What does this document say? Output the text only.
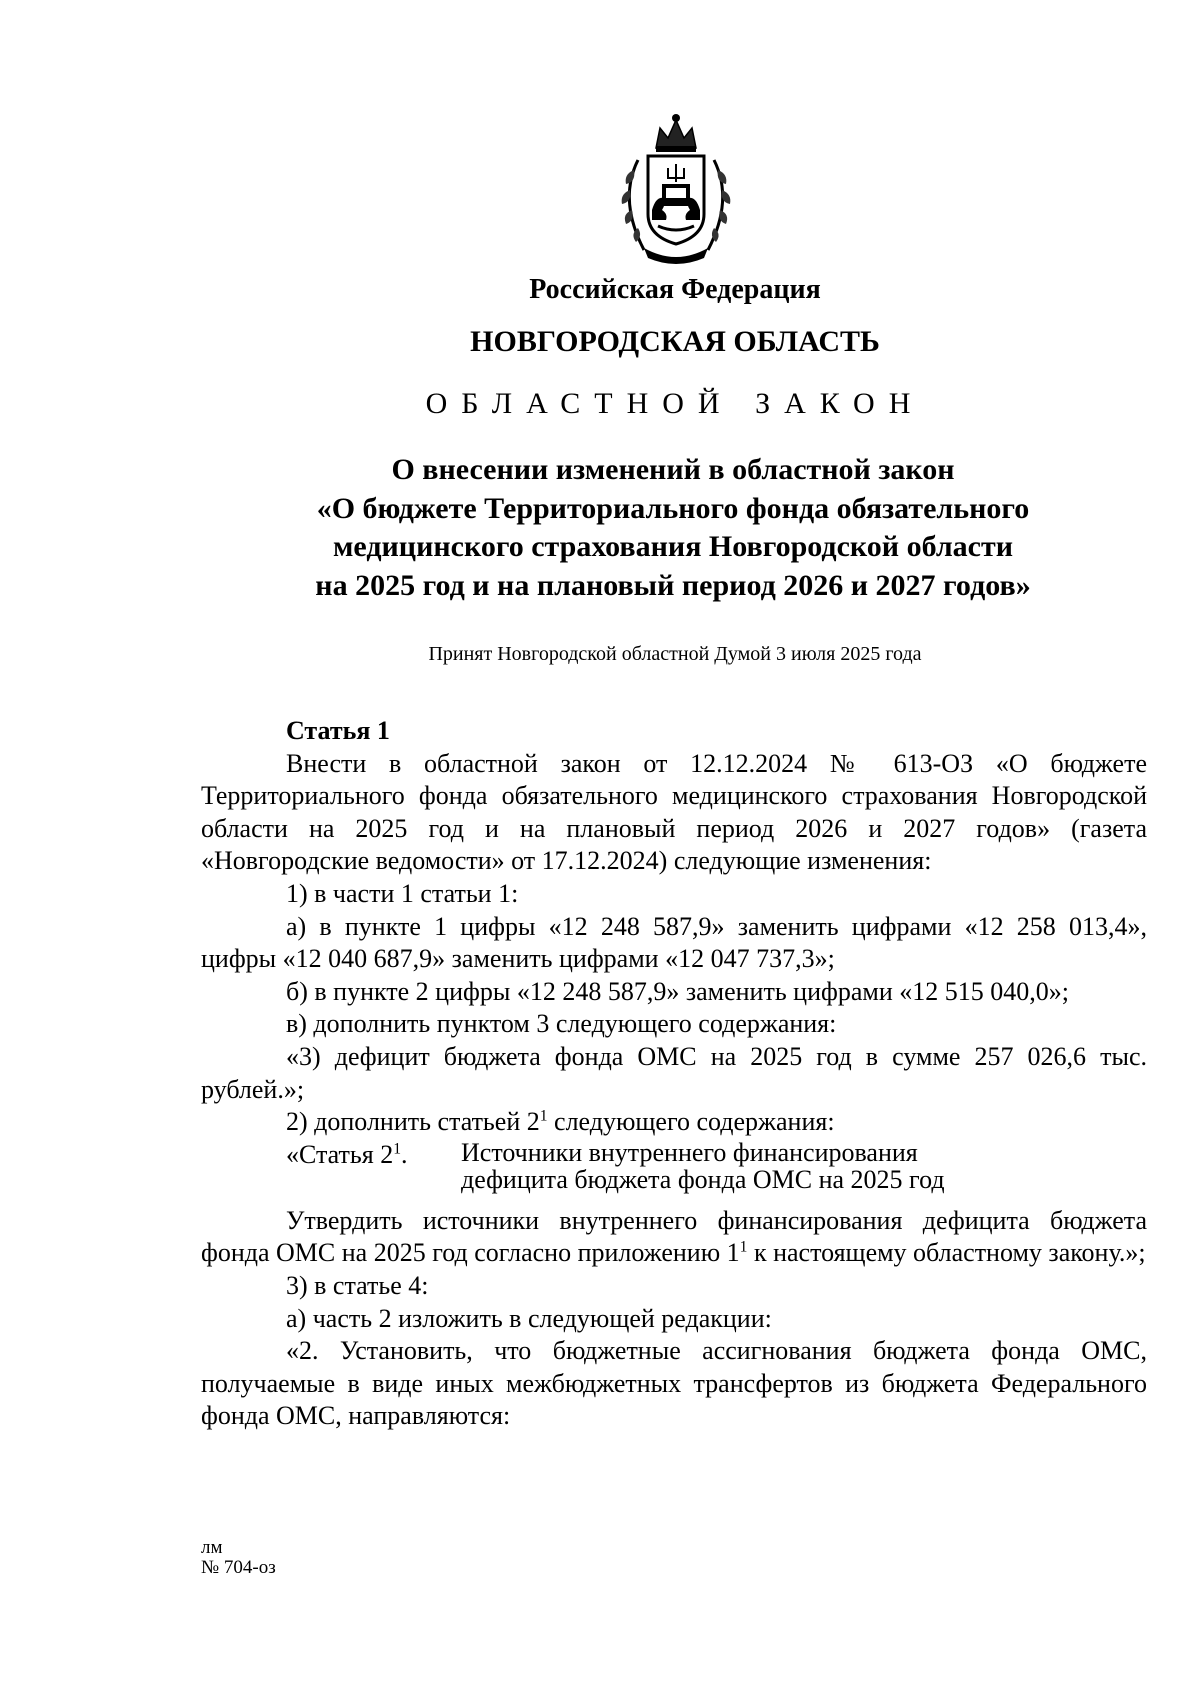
Российская Федерация
НОВГОРОДСКАЯ ОБЛАСТЬ
ОБЛАСТНОЙ ЗАКОН
О внесении изменений в областной закон
«О бюджете Территориального фонда обязательного
медицинского страхования Новгородской области
на 2025 год и на плановый период 2026 и 2027 годов»
Принят Новгородской областной Думой 3 июля 2025 года

Статья 1

Внести в областной закон от 12.12.2024 № 613-ОЗ «О бюджете Территориального фонда обязательного медицинского страхования Новгородской области на 2025 год и на плановый период 2026 и 2027 годов» (газета «Новгородские ведомости» от 17.12.2024) следующие изменения:

1) в части 1 статьи 1:

а) в пункте 1 цифры «12 248 587,9» заменить цифрами «12 258 013,4», цифры «12 040 687,9» заменить цифрами «12 047 737,3»;

б) в пункте 2 цифры «12 248 587,9» заменить цифрами «12 515 040,0»;

в) дополнить пунктом 3 следующего содержания:

«3) дефицит бюджета фонда ОМС на 2025 год в сумме 257 026,6 тыс. рублей.»;

2) дополнить статьей $2^1$ следующего содержания:

«Статья $2^1$. Источники внутреннего финансирования
дефицита бюджета фонда ОМС на 2025 год

Утвердить источники внутреннего финансирования дефицита бюджета фонда ОМС на 2025 год согласно приложению $1^1$ к настоящему областному закону.»;

3) в статье 4:

а) часть 2 изложить в следующей редакции:

«2. Установить, что бюджетные ассигнования бюджета фонда ОМС, получаемые в виде иных межбюджетных трансфертов из бюджета Федерального фонда ОМС, направляются:

лм
№ 704-оз
